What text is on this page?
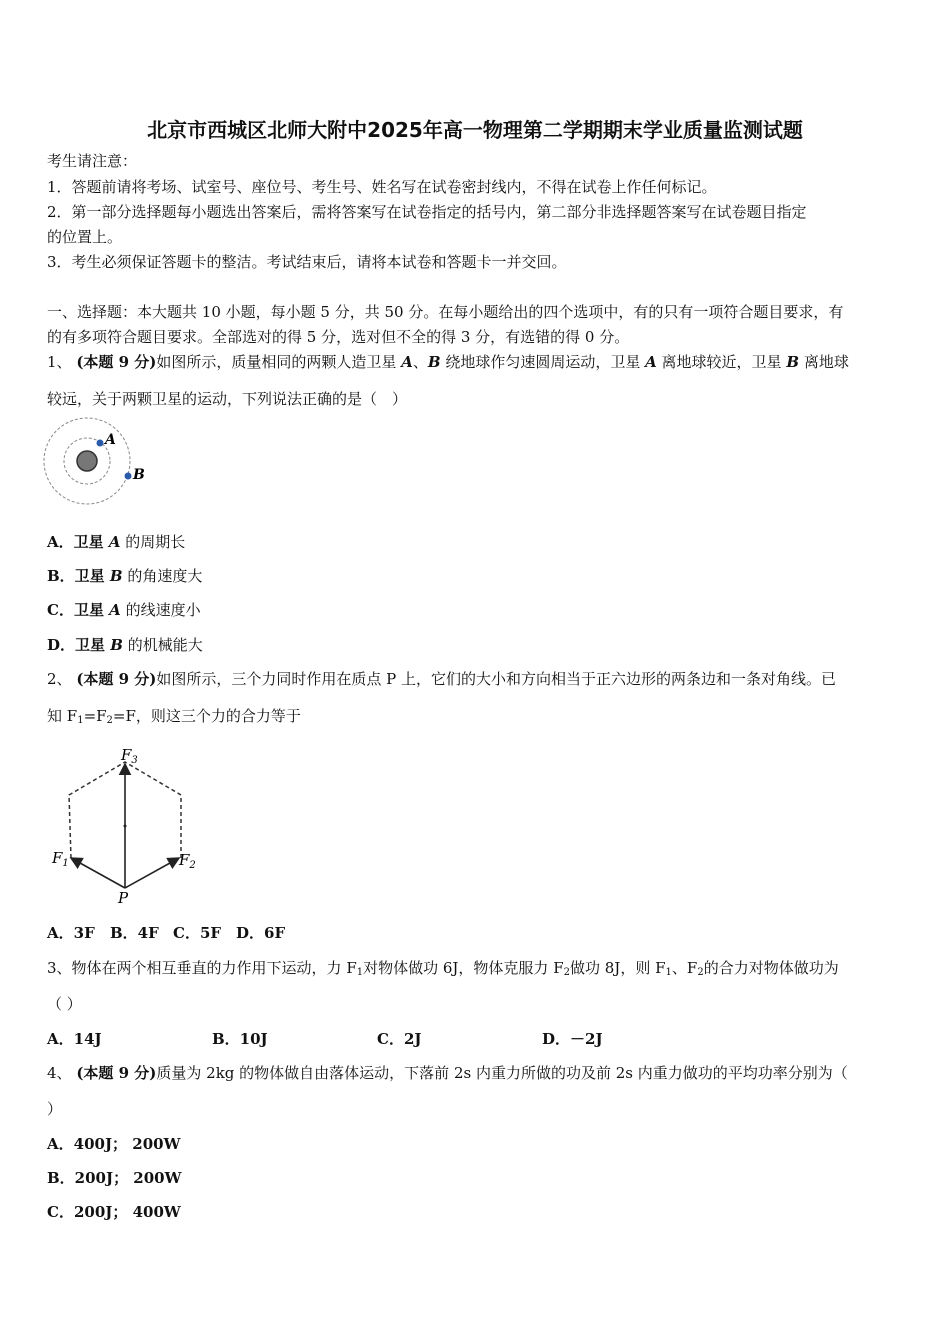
北京市西城区北师大附中2025年高一物理第二学期期末学业质量监测试题
考生请注意：
1．答题前请将考场、试室号、座位号、考生号、姓名写在试卷密封线内，不得在试卷上作任何标记。
2．第一部分选择题每小题选出答案后，需将答案写在试卷指定的括号内，第二部分非选择题答案写在试卷题目指定
的位置上。
3．考生必须保证答题卡的整洁。考试结束后，请将本试卷和答题卡一并交回。
一、选择题：本大题共 10 小题，每小题 5 分，共 50 分。在每小题给出的四个选项中，有的只有一项符合题目要求，有
的有多项符合题目要求。全部选对的得 5 分，选对但不全的得 3 分，有选错的得 0 分。
1、 (本题 9 分)如图所示，质量相同的两颗人造卫星 A、B 绕地球作匀速圆周运动，卫星 A 离地球较近，卫星 B 离地球
较远，关于两颗卫星的运动，下列说法正确的是（　）
A
B
A．卫星 A 的周期长
B．卫星 B 的角速度大
C．卫星 A 的线速度小
D．卫星 B 的机械能大
2、 (本题 9 分)如图所示，三个力同时作用在质点 P 上，它们的大小和方向相当于正六边形的两条边和一条对角线。已
知 $F_1=F_2=F$，则这三个力的合力等于
$F_3$
$F_1$	$F_2$
P
A．3F B．4F C．5F D．6F
3、物体在两个相互垂直的力作用下运动，力 $F_1$对物体做功 6J，物体克服力 $F_2$做功 8J，则 $F_1$、$F_2$的合力对物体做功为
（ ）
A．14J	B．10J	C．2J	D．－2J
4、 (本题 9 分)质量为 2kg 的物体做自由落体运动，下落前 2s 内重力所做的功及前 2s 内重力做功的平均功率分别为（
）
A．400J； 200W
B．200J； 200W
C．200J； 400W
